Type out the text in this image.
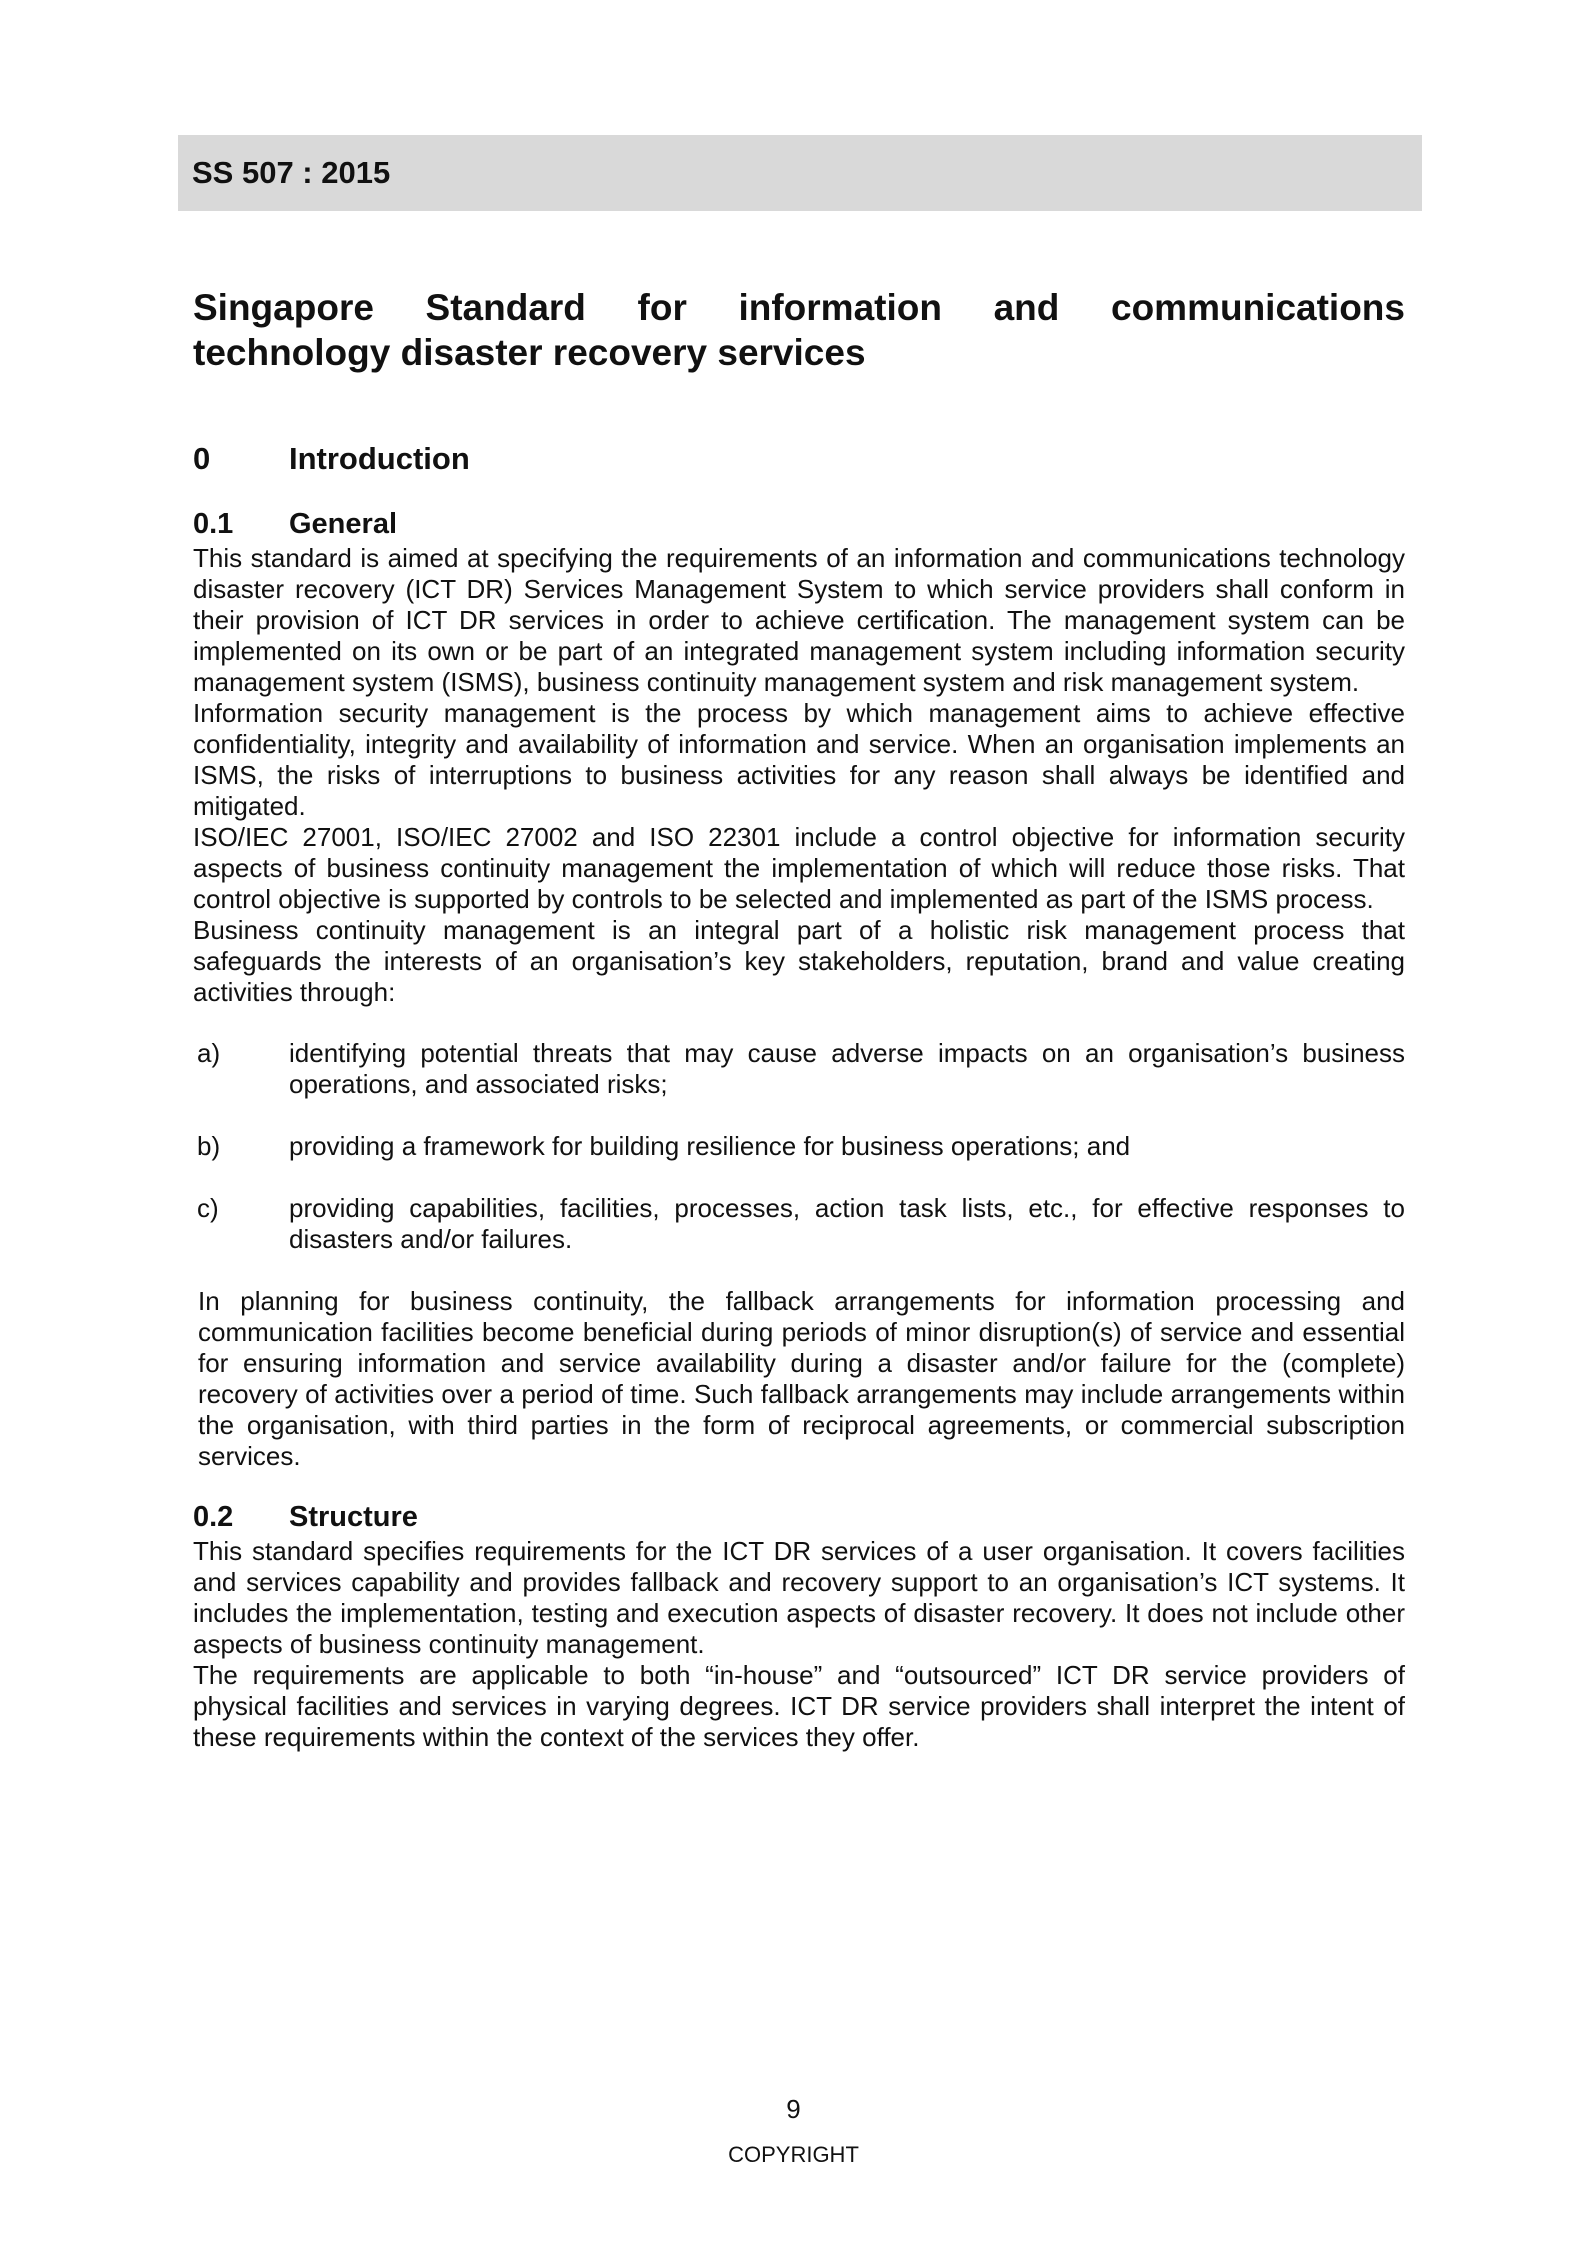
SS 507 : 2015
Singapore Standard for information and communications technology disaster recovery services
0	Introduction
0.1	General

This standard is aimed at specifying the requirements of an information and communications technology disaster recovery (ICT DR) Services Management System to which service providers shall conform in their provision of ICT DR services in order to achieve certification. The management system can be implemented on its own or be part of an integrated management system including information security management system (ISMS), business continuity management system and risk management system.

Information security management is the process by which management aims to achieve effective confidentiality, integrity and availability of information and service. When an organisation implements an ISMS, the risks of interruptions to business activities for any reason shall always be identified and mitigated.

ISO/IEC 27001, ISO/IEC 27002 and ISO 22301 include a control objective for information security aspects of business continuity management the implementation of which will reduce those risks. That control objective is supported by controls to be selected and implemented as part of the ISMS process.

Business continuity management is an integral part of a holistic risk management process that safeguards the interests of an organisation’s key stakeholders, reputation, brand and value creating activities through:

a)	identifying potential threats that may cause adverse impacts on an organisation’s business operations, and associated risks;
b)	providing a framework for building resilience for business operations; and
c)	providing capabilities, facilities, processes, action task lists, etc., for effective responses to disasters and/or failures.

In planning for business continuity, the fallback arrangements for information processing and communication facilities become beneficial during periods of minor disruption(s) of service and essential for ensuring information and service availability during a disaster and/or failure for the (complete) recovery of activities over a period of time. Such fallback arrangements may include arrangements within the organisation, with third parties in the form of reciprocal agreements, or commercial subscription services.

0.2	Structure

This standard specifies requirements for the ICT DR services of a user organisation. It covers facilities and services capability and provides fallback and recovery support to an organisation’s ICT systems. It includes the implementation, testing and execution aspects of disaster recovery. It does not include other aspects of business continuity management.

The requirements are applicable to both “in-house” and “outsourced” ICT DR service providers of physical facilities and services in varying degrees. ICT DR service providers shall interpret the intent of these requirements within the context of the services they offer.

9
COPYRIGHT
